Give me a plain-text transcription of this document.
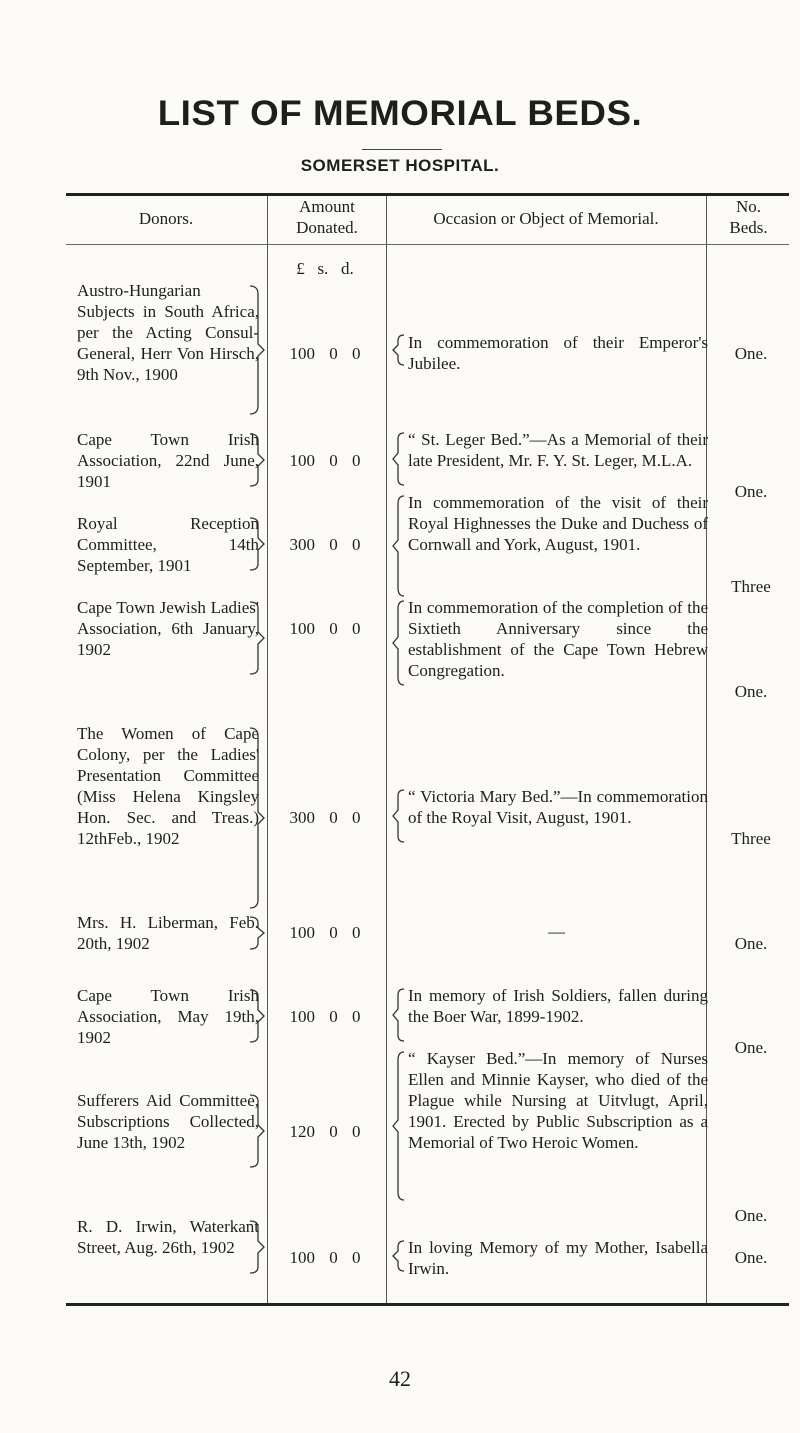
LIST OF MEMORIAL BEDS.
SOMERSET HOSPITAL.
Donors.
Amount
Donated.	Occasion or Object of Memorial.
No.
Beds.
£   s.   d.
Austro-Hungarian Subjects in South Africa, per the Acting Consul-General, Herr Von Hirsch, 9th Nov., 1900
100 0 0
In commemoration of their Emperor's Jubilee.
One.
Cape Town Irish Association, 22nd June, 1901
100 0 0
“ St. Leger Bed.”—As a Memorial of their late President, Mr. F. Y. St. Leger, M.L.A.
One.
Royal Reception Committee, 14th September, 1901
300 0 0
In commemoration of the visit of their Royal Highnesses the Duke and Duchess of Cornwall and York, August, 1901.
Three
Cape Town Jewish Ladies' Association, 6th January, 1902
100 0 0
In commemoration of the completion of the Sixtieth Anniversary since the establishment of the Cape Town Hebrew Congregation.
One.
The Women of Cape Colony, per the Ladies' Presentation Committee (Miss Helena Kingsley Hon. Sec. and Treas.) 12thFeb., 1902
300 0 0
“ Victoria Mary Bed.”—In commemoration of the Royal Visit, August, 1901.
Three
Mrs. H. Liberman, Feb. 20th, 1902
100 0 0	—
One.
Cape Town Irish Association, May 19th, 1902
100 0 0
In memory of Irish Soldiers, fallen during the Boer War, 1899-1902.
One.
Sufferers Aid Committee, Subscriptions Collected, June 13th, 1902
120 0 0
“ Kayser Bed.”—In memory of Nurses Ellen and Minnie Kayser, who died of the Plague while Nursing at Uitvlugt, April, 1901. Erected by Public Subscription as a Memorial of Two Heroic Women.
One.
R. D. Irwin, Waterkant Street, Aug. 26th, 1902
100 0 0
In loving Memory of my Mother, Isabella Irwin.
One.
42
